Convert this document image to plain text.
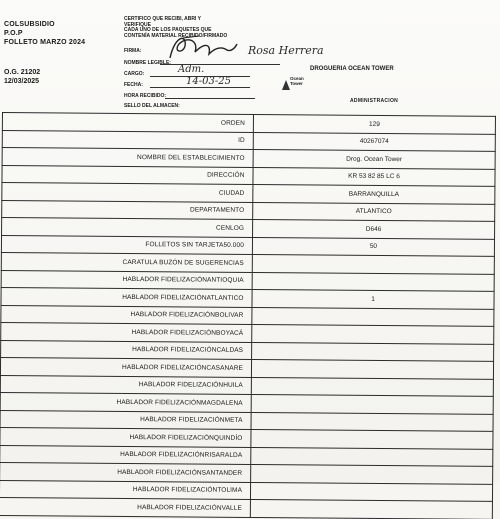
COLSUBSIDIO
P.O.P
FOLLETO MARZO 2024
O.G. 21202
12/03/2025
CERTIFICO QUE RECIBI, ABRI Y
VERIFIQUE
CADA UNO DE LOS PAQUETES QUE
CONTENÍA MATERIAL RECIBIDO/FIRMADO
FIRMA:
NOMBRE LEGIBLE:
CARGO:
FECHA:
HORA RECIBIDO:
SELLO DEL ALMACEN:
Rosa Herrera
Adm.
14-03-25
DROGUERIA OCEAN TOWER
Ocean
Tower
ADMINISTRACION
ORDEN	129
ID	40267074
NOMBRE DEL ESTABLECIMIENTO	Drog. Ocean Tower
DIRECCIÓN	KR 53 82 85 LC 6
CIUDAD	BARRANQUILLA
DEPARTAMENTO	ATLANTICO
CENLOG	D646
FOLLETOS SIN TARJETA50.000	50
CARATULA BUZÓN DE SUGERENCIAS	
HABLADOR FIDELIZACIÓNANTIOQUIA	
HABLADOR FIDELIZACIÓNATLANTICO	1
HABLADOR FIDELIZACIÓNBOLIVAR	
HABLADOR FIDELIZACIÓNBOYACÁ	
HABLADOR FIDELIZACIÓNCALDAS	
HABLADOR FIDELIZACIÓNCASANARE	
HABLADOR FIDELIZACIÓNHUILA	
HABLADOR FIDELIZACIÓNMAGDALENA	
HABLADOR FIDELIZACIÓNMETA	
HABLADOR FIDELIZACIÓNQUINDÍO	
HABLADOR FIDELIZACIÓNRISARALDA	
HABLADOR FIDELIZACIÓNSANTANDER	
HABLADOR FIDELIZACIÓNTOLIMA	
HABLADOR FIDELIZACIÓNVALLE	
